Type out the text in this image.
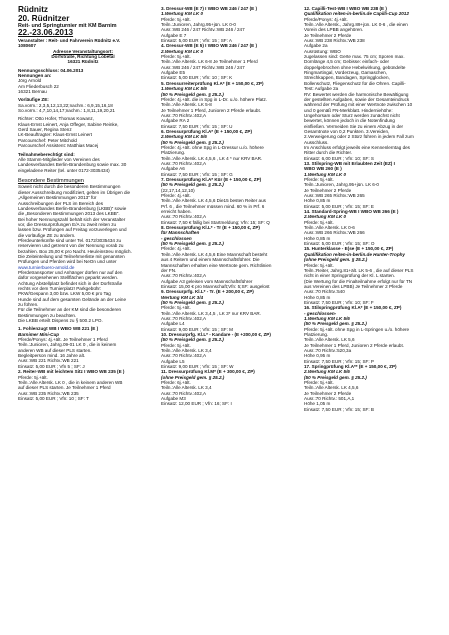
Rüdnitz
20. Rüdnitzer
Reit- und Springturnier mit KM Barnim
22.-23.06.2013
Veranstalter : Reit- und Fahrverein Rüdnitz e.V.
1080607
Adresse Veranstaltungsort:
Dorfstraße, Richtung Lobetal
16321 Rüdnitz
Nennungsschluss: 04.06.2013
Nennungen an:
Jörg Arnold
Am Fliederbusch 22
16321 Bernau
Vorläufige ZE:
Sa.vorm.: 2,3,5,12,13,22;nachm.: 6,9,15,16,18
So.vorm.: 4,7,10,14,17;nachm.: 1,8,11,19,20,21
Richter: Otto Hofer, Thomas Kowanz,
Klaus-Ernst Leinert, Anja Offeger, Sabine Reinke,
Gerd Sauer, Regina Stenz
LK-Beauftragter: Klaus-Ernst Leinert
Parcourschef: Peter Mitchold
Parcourschef Assistent: Matthias Macej
Teilnahmeberechtigt sind:
Alle Stamm-Mitglieder von Vereinen des
Landesverbandes Berlin-Brandenburg sowie max. 30
eingeladene Reiter (tel. unter 0172-3035434)
Besondere Bestimmungen
Soweit nicht durch die besonderen Bestimmungen
dieser Ausschreibung modifiziert, gelten im Übrigen die
„Allgemeinen Bestimmungen 2013“ für
Ausschreibungen der PLS im Bereich des
Landesverbandes Berlin-Brandenburg (LKBB)“ sowie
die „Besonderen Bestimmungen 2013 des LKBB“.
Bei hoher Nennungszahl behält sich der Veranstalter
vor, die Dressurprüfungen E/A zu zweit reiten zu
lassen bzw. Prüfungen auf Freitag vorzuverlegen und
die vorläufige ZE zu ändern.
Pferdeunterkünfte sind unter Tel. 0172/3035434 zu
reservieren und getrennt von der Nennung vorab zu
bezahlen. Box 25,00 € pro Nacht. Heu/einstreu möglich.
Die Zeiteinteilung und Teilnehmerliste mit genannten
Prüfungen und Pferden wird bei NeOn und unter
www.turnierbuero-arnold.de
Pferdetransporter und Anhänger dürfen nur auf den
dafür vorgesehenen Stellflächen geparkt werden.
Achtung Abstellplatz befindet sich in der Dorfstraße
rechts vor dem Turnierplatz! Parkgebühr:
PKW/Gespann 3,00 bzw. LKW 5,00 € pro Tag
Hunde sind auf dem gesamten Gelände an der Leine
zu führen.
Für die Teilnehmer an der KM sind die besonderen
Bestimmungen zu beachten.
Die LKBB erteilt Dispens zu § 500.2 LPO.
1. Fohlenzugt WB I WBO WB 221 (E )
Barnimer Mini-Cup
Pferde/Ponys: 4j.+ält. Je Teilnehmer 1 Pferd
Teiln.:Junioren, Jahrg.09-01 LK 0 , die in keinem
anderen WB auf dieser PLS starten.
Begleitperson mind. 16 Jahre alt.
Ausr.:WB 221 Richtv.:WB 221
Einsatz: 5,00 EUR ; Vfn 5 ; SF: J
2. Reiter-WB mit leichtem Sitz I WBO WB 235 (E )
Pferde: 5j.+ält.
Teiln.:Alle Altersk. LK 0 , die in keinem anderen WB
auf dieser PLS starten. Je Teilnehmer 1 Pferd
Ausr.:WB 235 Richtv.:WB 235
Einsatz: 5,00 EUR ; Vfn: 10 ; SF: T
3. Dressur-WB (E 7) I WBO WB 246 / 247 (E )
1.Wertung KM LK 0
Pferde: 5j.+ält.
Teiln.:Junioren, Jahrg.95+jün. LK 0-0
Ausr.:WB 246 / 247 Richtv.:WB 246 / 247
Aufgabe E 7
Einsatz: 5,00 EUR ; Vfn: 15 ; SF: A
4. Dressur-WB (E 5) I WBO WB 246 / 247 (E )
2.Wertung KM LK 0
Pferde: 5j.+ält.
Teiln.:Alle Altersk. LK 6-8 Je Teilnehmer 1 Pferd
Ausr.:WB 246 / 247 Richtv.:WB 246 / 247
Aufgabe E5
Einsatz: 5,00 EUR ; Vfn: 10 ; SF: K
5. Dressurreiterprüfung Kl.A* (E + 150,00 €, ZP)
1.Wertung KM LK 5/6
(50 % Preisgeld gem. § 25.2.)
Pferde: 4j.+ält. die in Spg in L-Dr. u./o. höhere Platz.
Teiln.:Alle Altersk. LK 5-8
Je Teilnehmer 1 Pferd, Junioren 2 Pferde erlaubt.
Ausr.:70 Richtv.:402,A
Aufgabe RA 2
Einsatz: 7,50 EUR ; Vfn: 15 ; SF: U
6. Dressurprüfung Kl.A* (E + 150,00 €, ZP)
2.Wertung KM LK 5/6
(50 % Preisgeld gem. § 25.2.)
Pferde: 4j.+ält. ohne Spg in L-Dressur u./o. höhere
Platzierung.
Teiln.:Alle Altersk. LK 4,5,6 , LK 4 * nur KRV BAR.
Ausr.:70 Richtv.:402,A
Aufgabe A6
Einsatz: 7,50 EUR ; Vfn: 15 ; SF: G
7. Dressurprüfung Kl.A* Kür (E + 150,00 €, ZP)
(50 % Preisgeld gem. § 25.2.)
(22,17,14,12,10)
Pferde: 4j.+ält.
Teiln.:Alle Altersk. LK 4,5,6 Die15 besten Reiter aus
Prf. 6 , die Teilnehmer müssen mind. 60 % in Prf. 6
erreicht haben.
Ausr.:70 Richtv.:402,A
Einsatz: 7,50 € fällig bei Startmeldung; Vfn: 15; SF: Q
8. Dressurprüfung Kl.L* - Tr (E + 150,00 €, ZP)
für Mannschaften
- geschlossen
(50 % Preisgeld gem. § 25.2.)
Pferde: 4j.+ält.
Teiln.:Alle Altersk. LK 4,5,6 Eine Mannschaft besteht
aus 4 Reitern und einem Mannschaftsführer. Die
Mannschaften erhalten eine Wertnote gem. Richtlinien
der FN.
Ausr.:70 Richtv.:402,A
Aufgabe A3 geleisen vom Mannschaftsführer
Einsatz: 15,00 € pro Mannschaft;Vfn: 5;SF: ausgelost
9. Dressurprfg. Kl.L* - Tr. (E + 200,00 €, ZP)
Wertung KM LK 3/4
(50 % Preisgeld gem. § 25.2.)
Pferde: 5j.+ält.
Teiln.:Alle Altersk. LK 3,4,5 , LK 3* nur KRV BAR.
Ausr.:70 Richtv.:402,A
Aufgabe L4
Einsatz: 9,00 EUR ; Vfn: 15 ; SF: M
10. Dressurprfg. Kl.L* - Kandare - (E +200,00 €, ZP)
(50 % Preisgeld gem. § 25.2.)
Pferde: 5j.+ält.
Teiln.:Alle Altersk. LK 3,4
Ausr.:70 Richtv.:402,A
Aufgabe L5
Einsatz: 9,00 EUR ; Vfn: 15 ; SF: W
11. Dressurprüfung Kl.M* (E + 300,00 €, ZP)
(ohne Preisgeld gem. § 25.2.)
Pferde: 6j.+ält.
Teiln.:Alle Altersk. LK 3,4
Ausr.:70 Richtv.:402,A
Aufgabe M3
Einsatz: 12,00 EUR ; Vfn: 16; SF: I
12. Capilli-Test-WB I WBO WB 238 (E )
Qualifikation reiten-in-berlin.de Capilli-Cup 2012
Pferde/Ponys: 4j.+ält.
Teiln.:Alle Altersk., Jahrg.89+jün. LK 0-6 , die einen
Vorein des LPBB angehören.
Je Teilnehmer 2 Pferde
Ausr.:WB 238 Richtv.:WB 238
Aufgabe 2a
Ausrüstung: WBO
zugelassen sind: Gerte max. 75 cm; Sporen max.
Dornlänge 4,5 cm; Gebisse: einfach- oder
doppelgebrochen ohne Hebelwirkung, gebündelte
Ringmartingal, Vorderzeug, Gamaschen,
Streichkappen, Bandagen, Springglocken,
Bollenschutz, Fliegenschutz für die Ohren. Capilli-
Test: Aufgabe 2a
RV: Bewertet werden die harmonische Bewältigung
der gestellten Aufgaben, sowie der Gesamteindruck
während der Prüfung mit einer Wertnote zwischen 10
und 0 gemäß FN-Merkblatt. Hinderniehöhe:
Ungehorsam oder Sturz werden zunächst nicht
bewertet, können jedoch in die Notenfindung
einfließen. Vermeiden Sie zu einem Abzug in der
Gesamtnote von 0,2 Punkten. 3.Vereiden,
2.Verweigerung oder 2 Stürz führen in jedem Fall zum
Ausschluss.
Im Anschluss erfolgt jeweils eine Kennenlerntag des
Ritter durch die Richter.
Einsatz: 6,00 EUR ; Vfn: 10; SF: S
13. Stilspring-WB mit Erlaubten Zeit (EZ) I
WBO WB 260 (E )
1.Wertung KM LK 0
Pferde: 5j.+ält.
Teiln.:Junioren, Jahrg.95+jün. LK 6-0
Je Teilnehmer 2 Pferde
Ausr.:WB 265 Richtv.:WB 265
Höhe 0,85 m
Einsatz: 5,00 EUR ; Vfn: 15; SF: E
14. Standard-Spring-WB I WBO WB 266 (E )
2.Wertung KM LK 0
Pferde: 5j.+ält.
Teiln.:Alle Altersk. LK 0-6
Ausr.:WB 266 Richtv.:WB 266
Höhe 0,85 m
Einsatz: 5,00 EUR ; Vfn: 15; SF: O
15. Hunterklasse - E(se (E + 150,00 €, ZP)
Qualifikation reiten-in-berlin.de Hunter-Trophy
(ohne Preisgeld gem. § 25.2.)
Pferde: 5j.+ält.
Teiln.:Reiter, Jahrg.81+ält. LK 5-6 , die auf dieser PLS
nicht in einer Springprüfung der Kl. L starten.
(Die Wertung für die Finalteilnahme erfolgt nur für TN
aus Vereinen des LPBB) Je Teilnehmer 2 Pferde
Ausr.:70 Richtv.:540
Höhe 0,85 m
Einsatz: 7,50 EUR ; Vfn: 10; SF: F
16. Stilspringprüfung Kl.A* (E + 150,00 €, ZP)
- geschlossen-
1.Wertung KM LK 5/6
(50 % Preisgeld gem. § 25.2.)
Pferde: 5j.+ält. ohne Spg in L-Springen u./o. höhere
Platzierung.
Teiln.:Alle Altersk. LK 5,6
Je Teilnehmer 1 Pferd, Junioren 2 Pferde erlaubt.
Ausr.:70 Richtv.:520,3a
Höhe 0,95 m
Einsatz: 7,50 EUR ; Vfn: 15; SF: P
17. Springprüfung Kl.A** (E + 150,00 €, ZP)
2.Wertung KM LK 5/6
(50 % Preisgeld gem. § 25.2.)
Pferde: 5j.+ält.
Teiln.:Alle Altersk. LK 4,5,6
Je Teilnehmer 2 Pferde
Ausr.:70 Richtv.: 501,A,1
Höhe 1,05 m
Einsatz: 7,50 EUR ; Vfn: 15; SF: B
